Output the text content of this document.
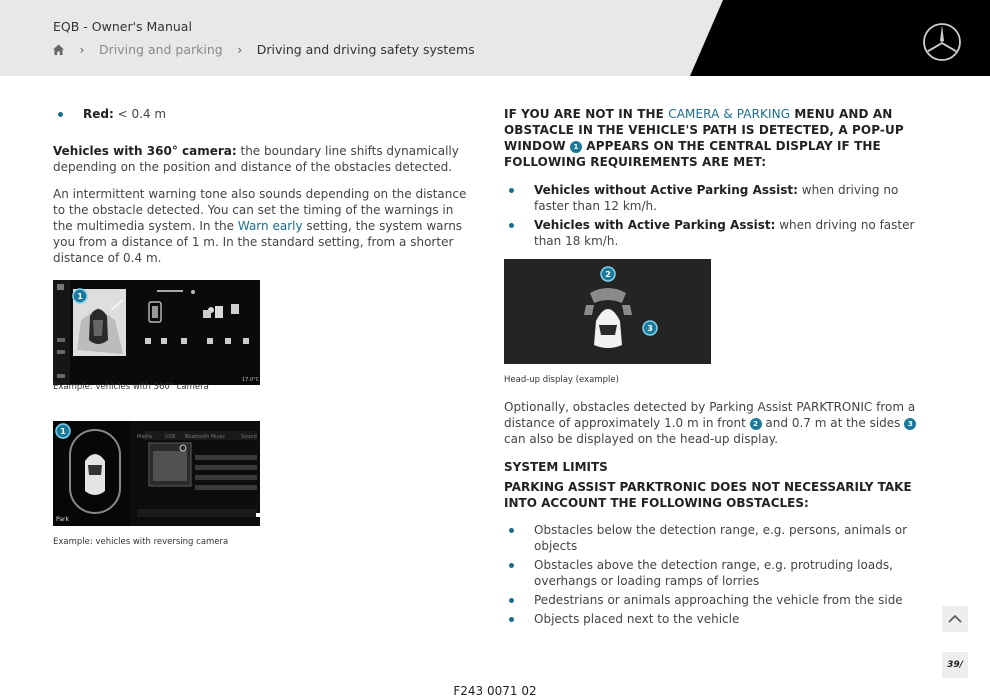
EQB - Owner's Manual
› Driving and parking › Driving and driving safety systems
Red: < 0.4 m
Vehicles with 360° camera: the boundary line shifts dynamically depending on the position and distance of the obstacles detected.
An intermittent warning tone also sounds depending on the distance to the obstacle detected. You can set the timing of the warnings in the multimedia system. In the Warn early setting, the system warns you from a distance of 1 m. In the standard setting, from a shorter distance of 0.4 m.
17.0°C
1
Example: vehicles with 360° camera
Media	USB Bluetooth Music	Sound
Park
1
Example: vehicles with reversing camera
IF YOU ARE NOT IN THE CAMERA & PARKING MENU AND AN OBSTACLE IN THE VEHICLE'S PATH IS DETECTED, A POP-UP WINDOW 1 APPEARS ON THE CENTRAL DISPLAY IF THE FOLLOWING REQUIREMENTS ARE MET:
Vehicles without Active Parking Assist: when driving no faster than 12 km/h.
Vehicles with Active Parking Assist: when driving no faster than 18 km/h.
2
3
Head-up display (example)
Optionally, obstacles detected by Parking Assist PARKTRONIC from a distance of approximately 1.0 m in front 2 and 0.7 m at the sides 3 can also be displayed on the head-up display.
SYSTEM LIMITS
PARKING ASSIST PARKTRONIC DOES NOT NECESSARILY TAKE INTO ACCOUNT THE FOLLOWING OBSTACLES:
Obstacles below the detection range, e.g. persons, animals or objects
Obstacles above the detection range, e.g. protruding loads, overhangs or loading ramps of lorries
Pedestrians or animals approaching the vehicle from the side
Objects placed next to the vehicle
39/
F243 0071 02
